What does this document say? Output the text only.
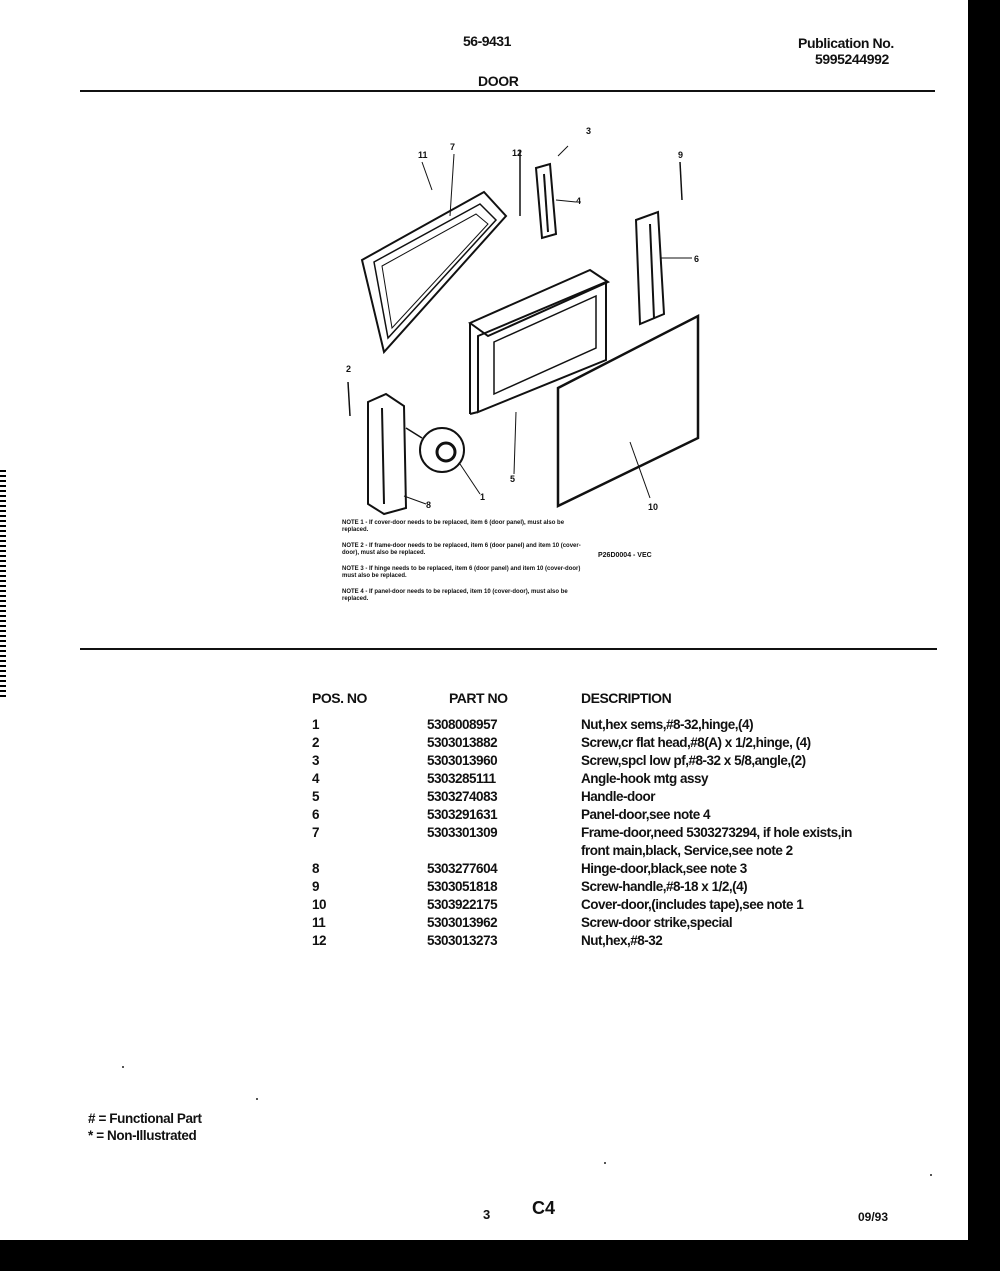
56-9431	Publication No.
5995244992
DOOR
11
7
12
3
4
9
6
2
1
8
5
10

NOTE 1 - If cover-door needs to be replaced, item 6 (door panel), must also be replaced.

NOTE 2 - If frame-door needs to be replaced, item 6 (door panel) and item 10 (cover-door), must also be replaced.

NOTE 3 - If hinge needs to be replaced, item 6 (door panel) and item 10 (cover-door) must also be replaced.

NOTE 4 - If panel-door needs to be replaced, item 10 (cover-door), must also be replaced.

P26D0004 - VEC
POS. NO	PART NO	DESCRIPTION
1	5308008957	Nut,hex sems,#8-32,hinge,(4)
2	5303013882	Screw,cr flat head,#8(A) x 1/2,hinge, (4)
3	5303013960	Screw,spcl low pf,#8-32 x 5/8,angle,(2)
4	5303285111	Angle-hook mtg assy
5	5303274083	Handle-door
6	5303291631	Panel-door,see note 4
7	5303301309	Frame-door,need 5303273294, if hole exists,in front main,black, Service,see note 2
8	5303277604	Hinge-door,black,see note 3
9	5303051818	Screw-handle,#8-18 x 1/2,(4)
10	5303922175	Cover-door,(includes tape),see note 1
11	5303013962	Screw-door strike,special
12	5303013273	Nut,hex,#8-32
# = Functional Part
* = Non-Illustrated
3 C4	09/93
